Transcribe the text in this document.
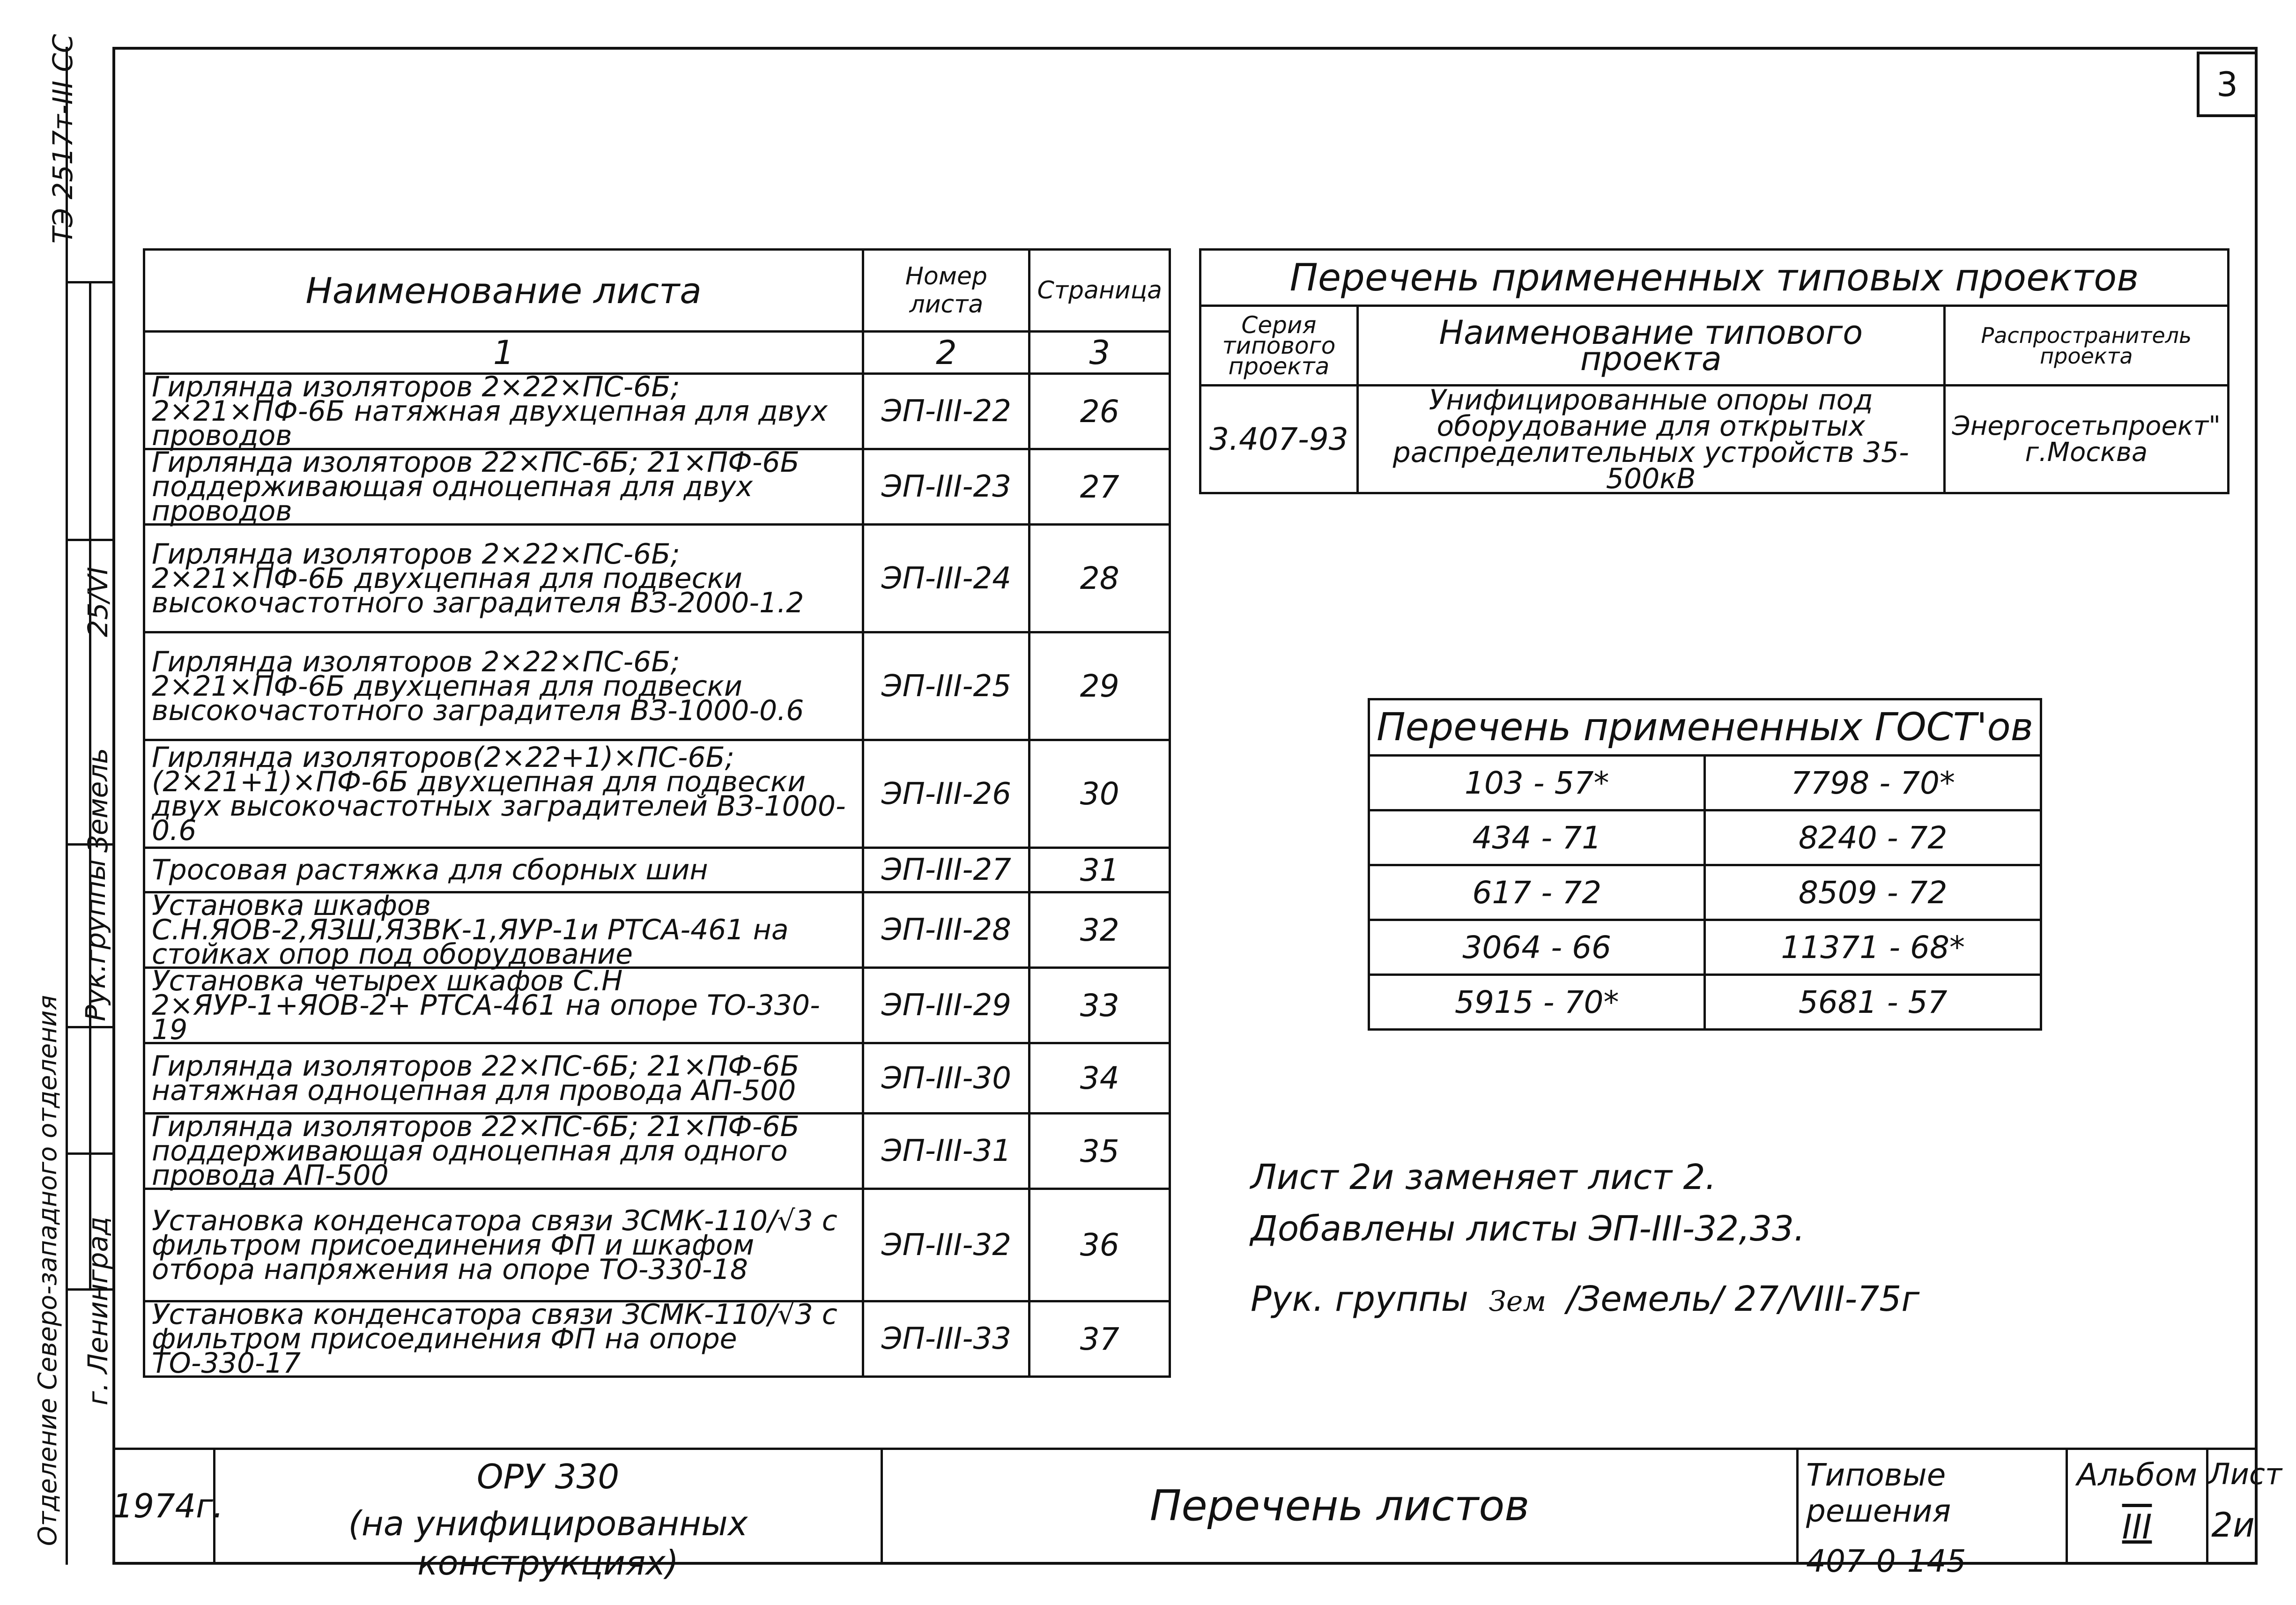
ТЭ 2517т-III СС
Рук.группы
Земель
25/VI
Отделение Северо-западного отделения г. Ленинград
3
Наименование листа	Номер листа	Страница
1	2	3
Гирлянда изоляторов 2×22×ПС-6Б; 2×21×ПФ-6Б натяжная двухцепная для двух проводов	ЭП-III-22	26
Гирлянда изоляторов 22×ПС-6Б; 21×ПФ-6Б поддерживающая одноцепная для двух проводов	ЭП-III-23	27
Гирлянда изоляторов 2×22×ПС-6Б; 2×21×ПФ-6Б двухцепная для подвески высокочастотного заградителя ВЗ-2000-1.2	ЭП-III-24	28
Гирлянда изоляторов 2×22×ПС-6Б; 2×21×ПФ-6Б двухцепная для подвески высокочастотного заградителя ВЗ-1000-0.6	ЭП-III-25	29
Гирлянда изоляторов(2×22+1)×ПС-6Б; (2×21+1)×ПФ-6Б двухцепная для подвески двух высокочастотных заградителей ВЗ-1000-0.6	ЭП-III-26	30
Тросовая растяжка для сборных шин	ЭП-III-27	31
Установка шкафов С.Н.ЯОВ-2,ЯЗШ,ЯЗВК-1,ЯУР-1и РТСА-461 на стойках опор под оборудование	ЭП-III-28	32
Установка четырех шкафов С.Н 2×ЯУР-1+ЯОВ-2+ РТСА-461 на опоре ТО-330-19	ЭП-III-29	33
Гирлянда изоляторов 22×ПС-6Б; 21×ПФ-6Б натяжная одноцепная для провода АП-500	ЭП-III-30	34
Гирлянда изоляторов 22×ПС-6Б; 21×ПФ-6Б поддерживающая одноцепная для одного провода АП-500	ЭП-III-31	35
Установка конденсатора связи ЗСМК-110/√3 с фильтром присоединения ФП и шкафом отбора напряжения на опоре ТО-330-18	ЭП-III-32	36
Установка конденсатора связи ЗСМК-110/√3 с фильтром присоединения ФП на опоре ТО-330-17	ЭП-III-33	37
Перечень примененных типовых проектов		
Серия типового проекта	Наименование типового проекта	Распространитель проекта
3.407-93	Унифицированные опоры под оборудование для открытых распределительных устройств 35-500кВ	Энергосетьпроект" г.Москва
Перечень примененных ГОСТ'ов	
103 - 57*	7798 - 70*
434 - 71	8240 - 72
617 - 72	8509 - 72
3064 - 66	11371 - 68*
5915 - 70*	5681 - 57
Лист 2и заменяет лист 2.
Добавлены листы ЭП-III-32,33.
Рук. группы Зем /Земель/ 27/VIII-75г
1974г.
ОРУ 330
(на унифицированных конструкциях)
Перечень листов
Типовые решения
407-0-145
Альбом
III
Лист
2и
